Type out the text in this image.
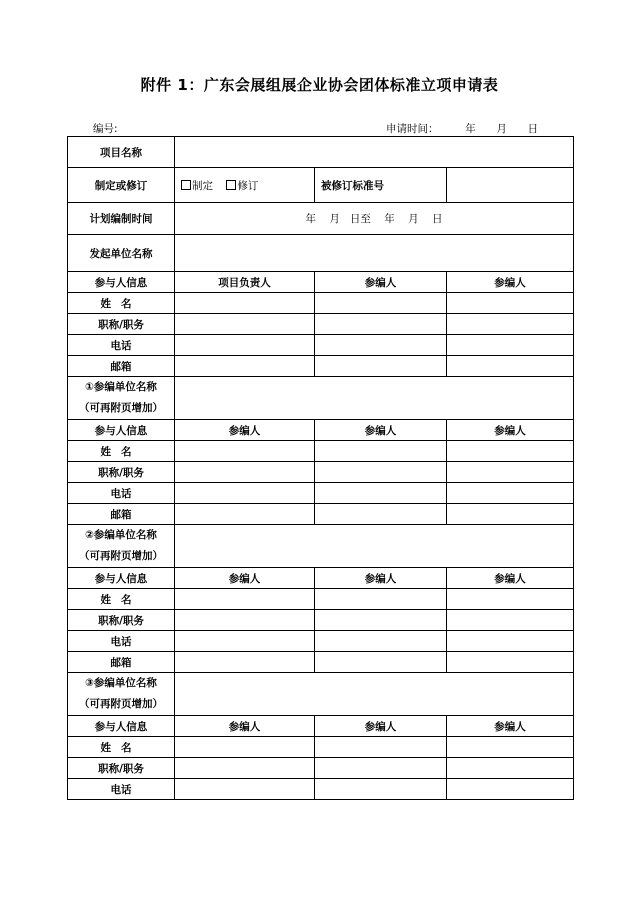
附件 1：广东会展组展企业协会团体标准立项申请表
编号:	申请时间：	年 月 日
项目名称			
制定或修订	制定 修订	被修订标准号	
计划编制时间	年    月   日至    年    月    日		
发起单位名称			
参与人信息	项目负责人	参编人	参编人
姓名			
职称/职务			
电话			
邮箱			

①参编单位名称
（可再附页增加）			

参与人信息	参编人	参编人	参编人
姓名			
职称/职务			
电话			
邮箱			

②参编单位名称
（可再附页增加）			

参与人信息	参编人	参编人	参编人
姓名			
职称/职务			
电话			
邮箱			

③参编单位名称
（可再附页增加）			

参与人信息	参编人	参编人	参编人
姓名			
职称/职务			
电话			
